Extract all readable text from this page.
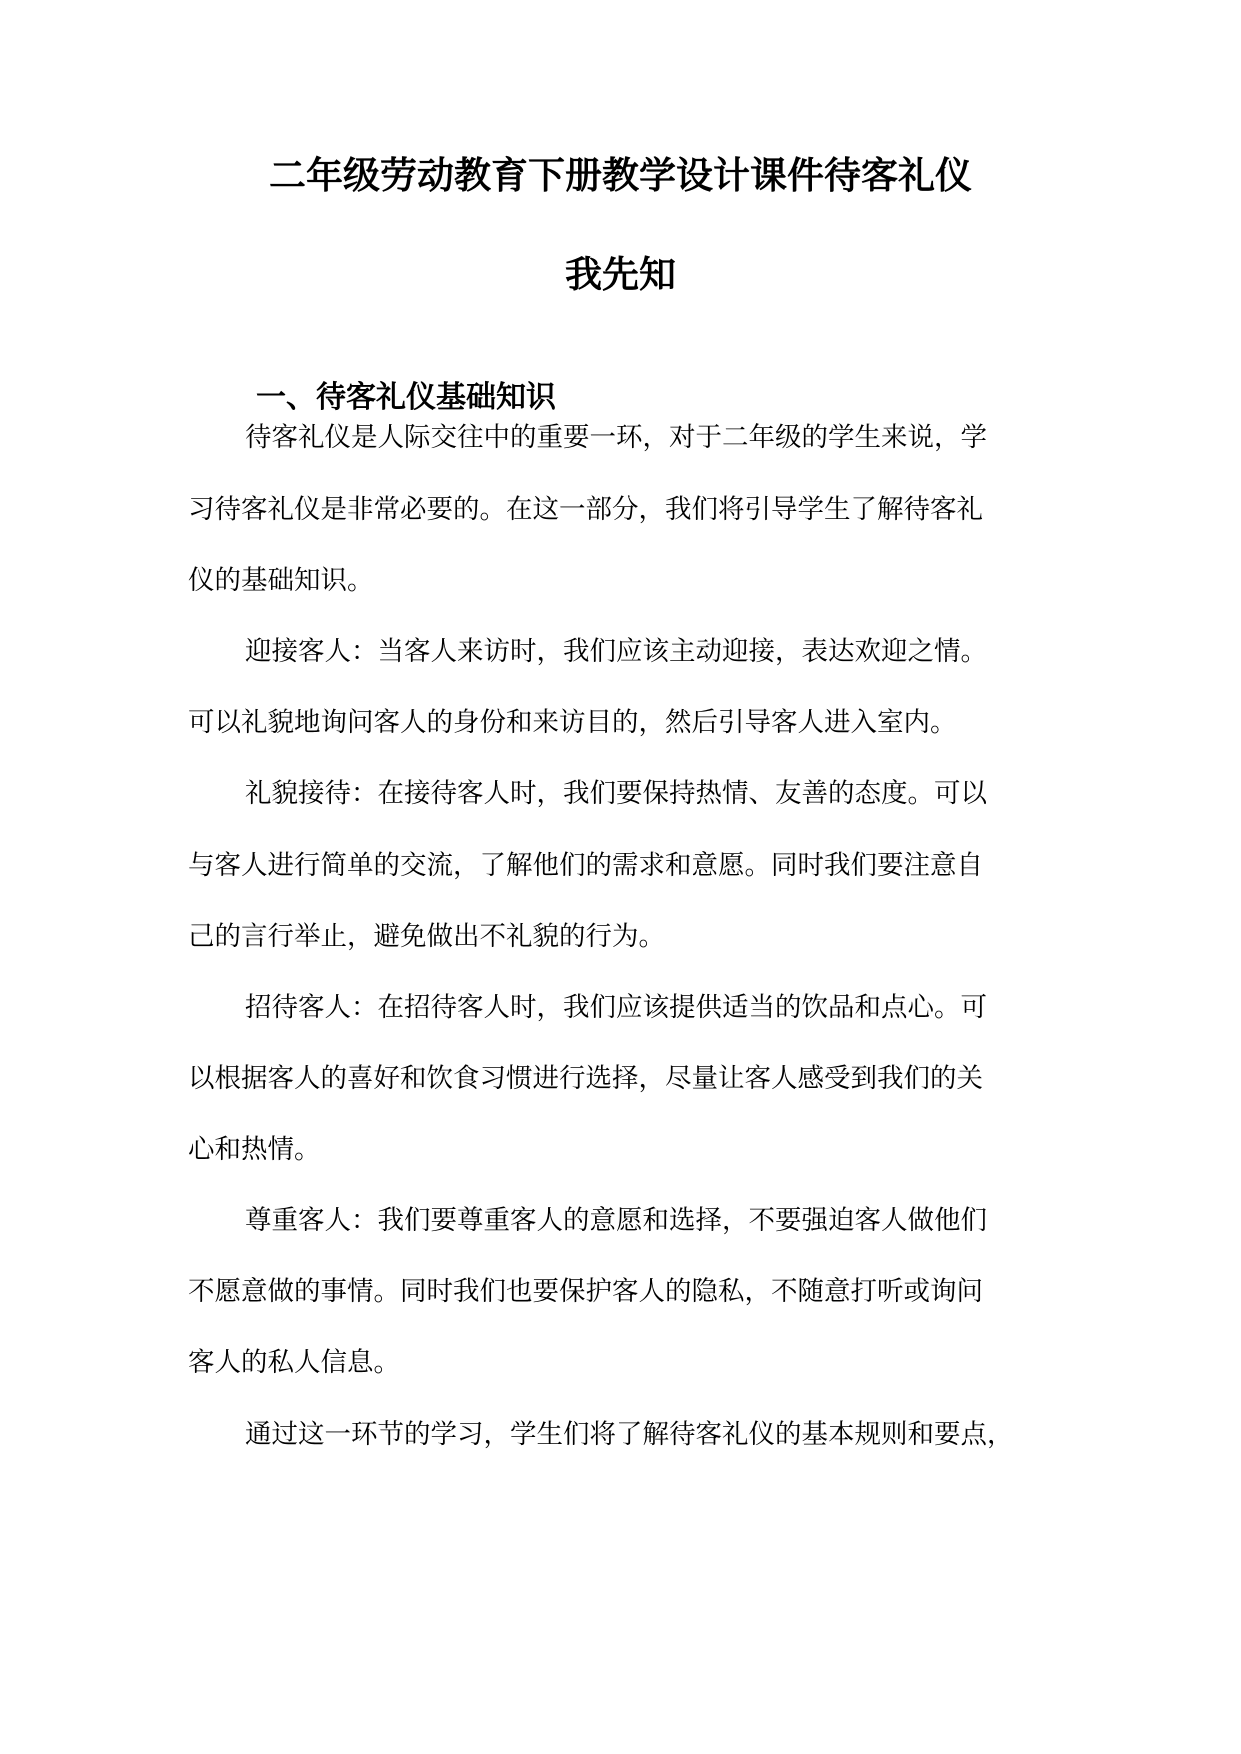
二年级劳动教育下册教学设计课件待客礼仪
我先知
一、待客礼仪基础知识

待客礼仪是人际交往中的重要一环，对于二年级的学生来说，学

习待客礼仪是非常必要的。在这一部分，我们将引导学生了解待客礼

仪的基础知识。

迎接客人：当客人来访时，我们应该主动迎接，表达欢迎之情。

可以礼貌地询问客人的身份和来访目的，然后引导客人进入室内。

礼貌接待：在接待客人时，我们要保持热情、友善的态度。可以

与客人进行简单的交流，了解他们的需求和意愿。同时我们要注意自

己的言行举止，避免做出不礼貌的行为。

招待客人：在招待客人时，我们应该提供适当的饮品和点心。可

以根据客人的喜好和饮食习惯进行选择，尽量让客人感受到我们的关

心和热情。

尊重客人：我们要尊重客人的意愿和选择，不要强迫客人做他们

不愿意做的事情。同时我们也要保护客人的隐私，不随意打听或询问

客人的私人信息。

通过这一环节的学习，学生们将了解待客礼仪的基本规则和要点，
